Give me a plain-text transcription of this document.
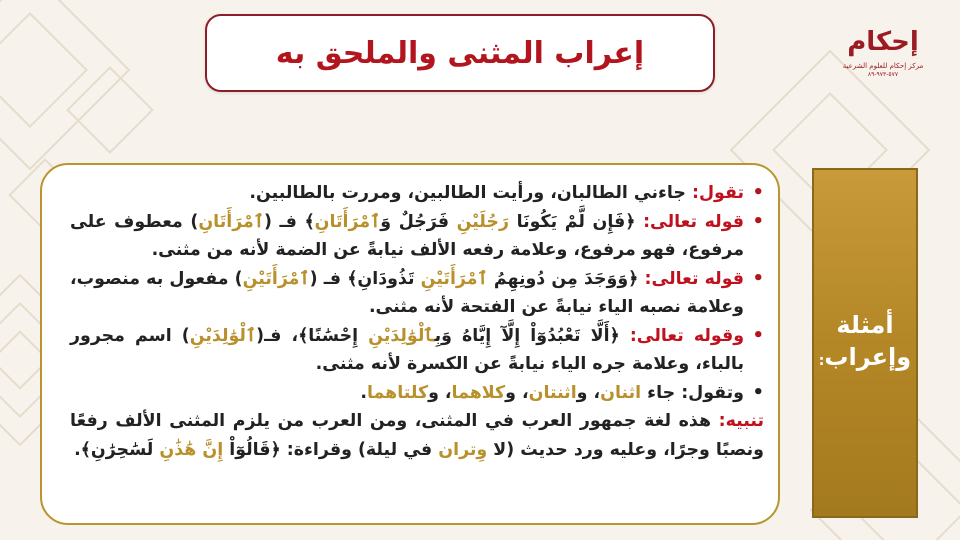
إعراب المثنى والملحق به	إحكام
مركز إحكام للعلوم الشرعية
٥٧٧-٩٧٣-٨٩
•
تقول: جاءني الطالبان، ورأيت الطالبين، ومررت بالطالبين.
•
قوله تعالى: ﴿فَإِن لَّمْ يَكُونَا رَجُلَيْنِ فَرَجُلٌ وَٱمْرَأَتَانِ﴾ فـ (ٱمْرَأَتَانِ) معطوف على مرفوع، فهو مرفوع، وعلامة رفعه الألف نيابةً عن الضمة لأنه من مثنى.
•
قوله تعالى: ﴿وَوَجَدَ مِن دُونِهِمُ ٱمْرَأَتَيْنِ تَذُودَانِ﴾ فـ (ٱمْرَأَتَيْنِ) مفعول به منصوب، وعلامة نصبه الياء نيابةً عن الفتحة لأنه مثنى.
•
وقوله تعالى: ﴿أَلَّا تَعْبُدُوٓاْ إِلَّآ إِيَّاهُ وَبِٱلْوَٰلِدَيْنِ إِحْسَٰنًا﴾، فـ(ٱلْوَٰلِدَيْنِ) اسم مجرور بالباء، وعلامة جره الياء نيابةً عن الكسرة لأنه مثنى.
•
وتقول: جاء اثنان، واثنتان، وكلاهما، وكلتاهما.
تنبيه: هذه لغة جمهور العرب في المثنى، ومن العرب من يلزم المثنى الألف رفعًا ونصبًا وجرًا، وعليه ورد حديث (لا وِتران في ليلة) وقراءة: ﴿قَالُوٓاْ إِنَّ هَٰذَٰنِ لَسَٰحِرَٰنِ﴾.
أمثلة
وإعراب:
